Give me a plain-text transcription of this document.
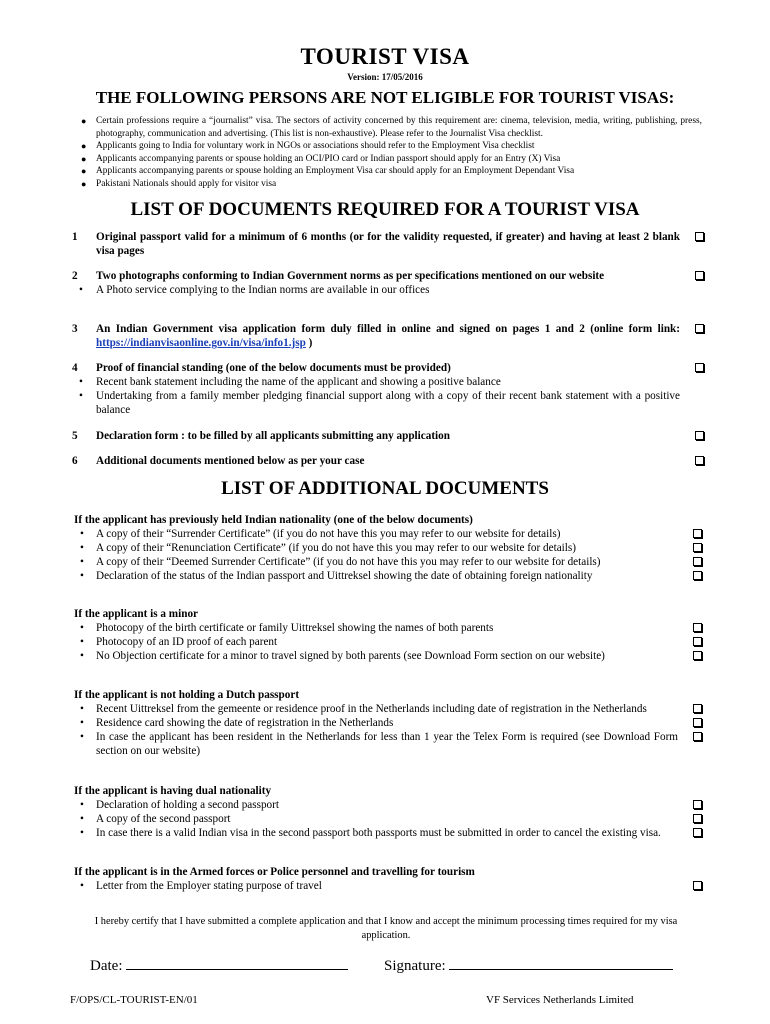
TOURIST VISA
Version: 17/05/2016
THE FOLLOWING PERSONS ARE NOT ELIGIBLE FOR TOURIST VISAS:
● Certain professions require a “journalist” visa. The sectors of activity concerned by this requirement are: cinema, television, media, writing, publishing, press, photography, communication and advertising. (This list is non-exhaustive). Please refer to the Journalist Visa checklist.
● Applicants going to India for voluntary work in NGOs or associations should refer to the Employment Visa checklist
● Applicants accompanying parents or spouse holding an OCI/PIO card or Indian passport should apply for an Entry (X) Visa
● Applicants accompanying parents or spouse holding an Employment Visa car should apply for an Employment Dependant Visa
● Pakistani Nationals should apply for visitor visa
LIST OF DOCUMENTS REQUIRED FOR A TOURIST VISA
1 Original passport valid for a minimum of 6 months (or for the validity requested, if greater) and having at least 2 blank visa pages
2 Two photographs conforming to Indian Government norms as per specifications mentioned on our website
• A Photo service complying to the Indian norms are available in our offices
3 An Indian Government visa application form duly filled in online and signed on pages 1 and 2 (online form link: https://indianvisaonline.gov.in/visa/info1.jsp )
4 Proof of financial standing (one of the below documents must be provided)
• Recent bank statement including the name of the applicant and showing a positive balance
• Undertaking from a family member pledging financial support along with a copy of their recent bank statement with a positive balance
5 Declaration form : to be filled by all applicants submitting any application
6 Additional documents mentioned below as per your case
LIST OF ADDITIONAL DOCUMENTS
If the applicant has previously held Indian nationality (one of the below documents)
• A copy of their “Surrender Certificate” (if you do not have this you may refer to our website for details)
• A copy of their “Renunciation Certificate” (if you do not have this you may refer to our website for details)
• A copy of their “Deemed Surrender Certificate” (if you do not have this you may refer to our website for details)
• Declaration of the status of the Indian passport and Uittreksel showing the date of obtaining foreign nationality
If the applicant is a minor
• Photocopy of the birth certificate or family Uittreksel showing the names of both parents
• Photocopy of an ID proof of each parent
• No Objection certificate for a minor to travel signed by both parents (see Download Form section on our website)
If the applicant is not holding a Dutch passport
• Recent Uittreksel from the gemeente or residence proof in the Netherlands including date of registration in the Netherlands
• Residence card showing the date of registration in the Netherlands
• In case the applicant has been resident in the Netherlands for less than 1 year the Telex Form is required (see Download Form section on our website)
If the applicant is having dual nationality
• Declaration of holding a second passport
• A copy of the second passport
• In case there is a valid Indian visa in the second passport both passports must be submitted in order to cancel the existing visa.
If the applicant is in the Armed forces or Police personnel and travelling for tourism
• Letter from the Employer stating purpose of travel
I hereby certify that I have submitted a complete application and that I know and accept the minimum processing times required for my visa application.
Date:	Signature:
F/OPS/CL-TOURIST-EN/01	VF Services Netherlands Limited
